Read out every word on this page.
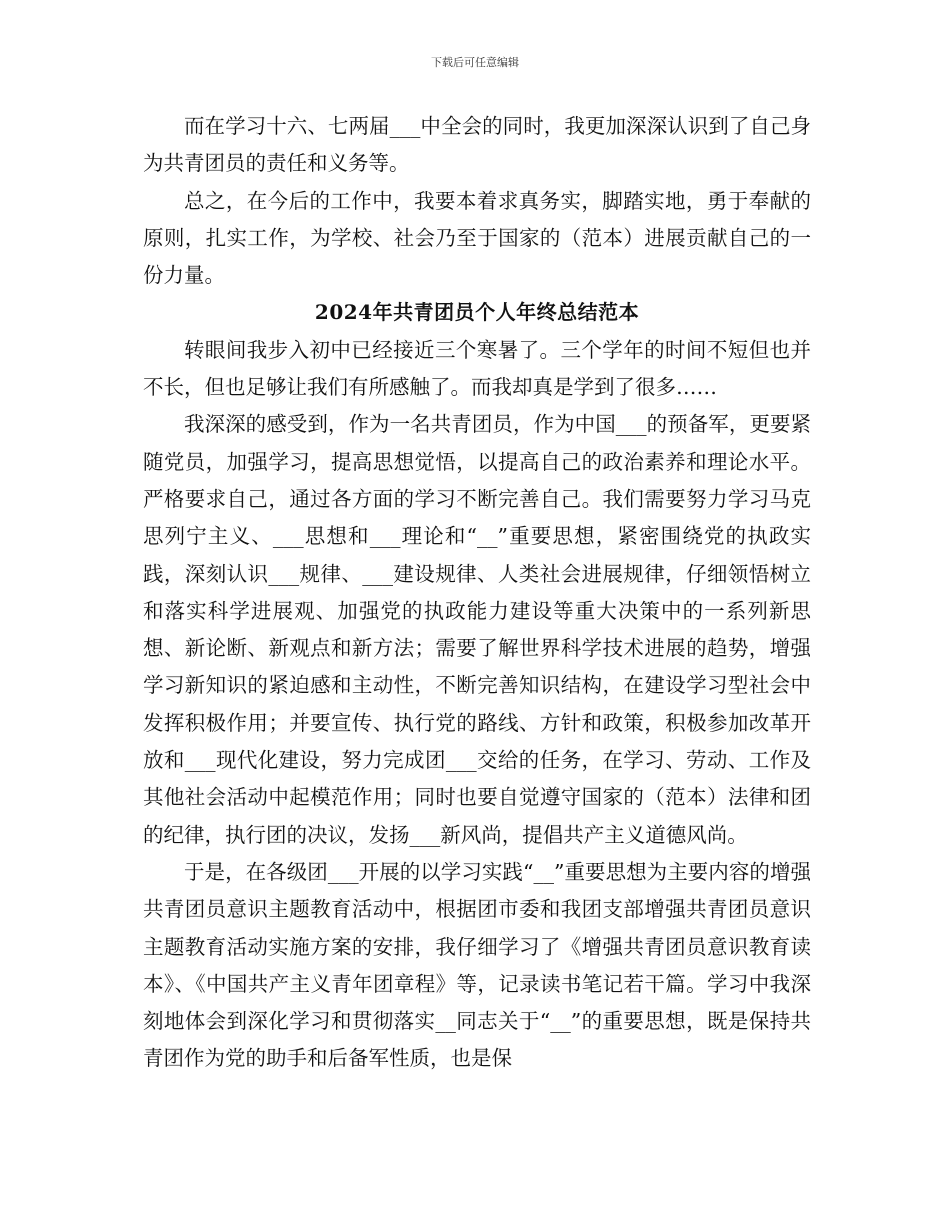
下载后可任意编辑

而在学习十六、七两届___中全会的同时，我更加深深认识到了自己身为共青团员的责任和义务等。

总之，在今后的工作中，我要本着求真务实，脚踏实地，勇于奉献的原则，扎实工作，为学校、社会乃至于国家的（范本）进展贡献自己的一份力量。

2024年共青团员个人年终总结范本

转眼间我步入初中已经接近三个寒暑了。三个学年的时间不短但也并不长，但也足够让我们有所感触了。而我却真是学到了很多……

我深深的感受到，作为一名共青团员，作为中国___的预备军，更要紧随党员，加强学习，提高思想觉悟，以提高自己的政治素养和理论水平。严格要求自己，通过各方面的学习不断完善自己。我们需要努力学习马克思列宁主义、___思想和___理论和“__”重要思想，紧密围绕党的执政实践，深刻认识___规律、___建设规律、人类社会进展规律，仔细领悟树立和落实科学进展观、加强党的执政能力建设等重大决策中的一系列新思想、新论断、新观点和新方法；需要了解世界科学技术进展的趋势，增强学习新知识的紧迫感和主动性，不断完善知识结构，在建设学习型社会中发挥积极作用；并要宣传、执行党的路线、方针和政策，积极参加改革开放和___现代化建设，努力完成团___交给的任务，在学习、劳动、工作及其他社会活动中起模范作用；同时也要自觉遵守国家的（范本）法律和团的纪律，执行团的决议，发扬___新风尚，提倡共产主义道德风尚。

于是，在各级团___开展的以学习实践“__”重要思想为主要内容的增强共青团员意识主题教育活动中，根据团市委和我团支部增强共青团员意识主题教育活动实施方案的安排，我仔细学习了《增强共青团员意识教育读本》、《中国共产主义青年团章程》等，记录读书笔记若干篇。学习中我深刻地体会到深化学习和贯彻落实__同志关于“__”的重要思想，既是保持共青团作为党的助手和后备军性质，也是保
